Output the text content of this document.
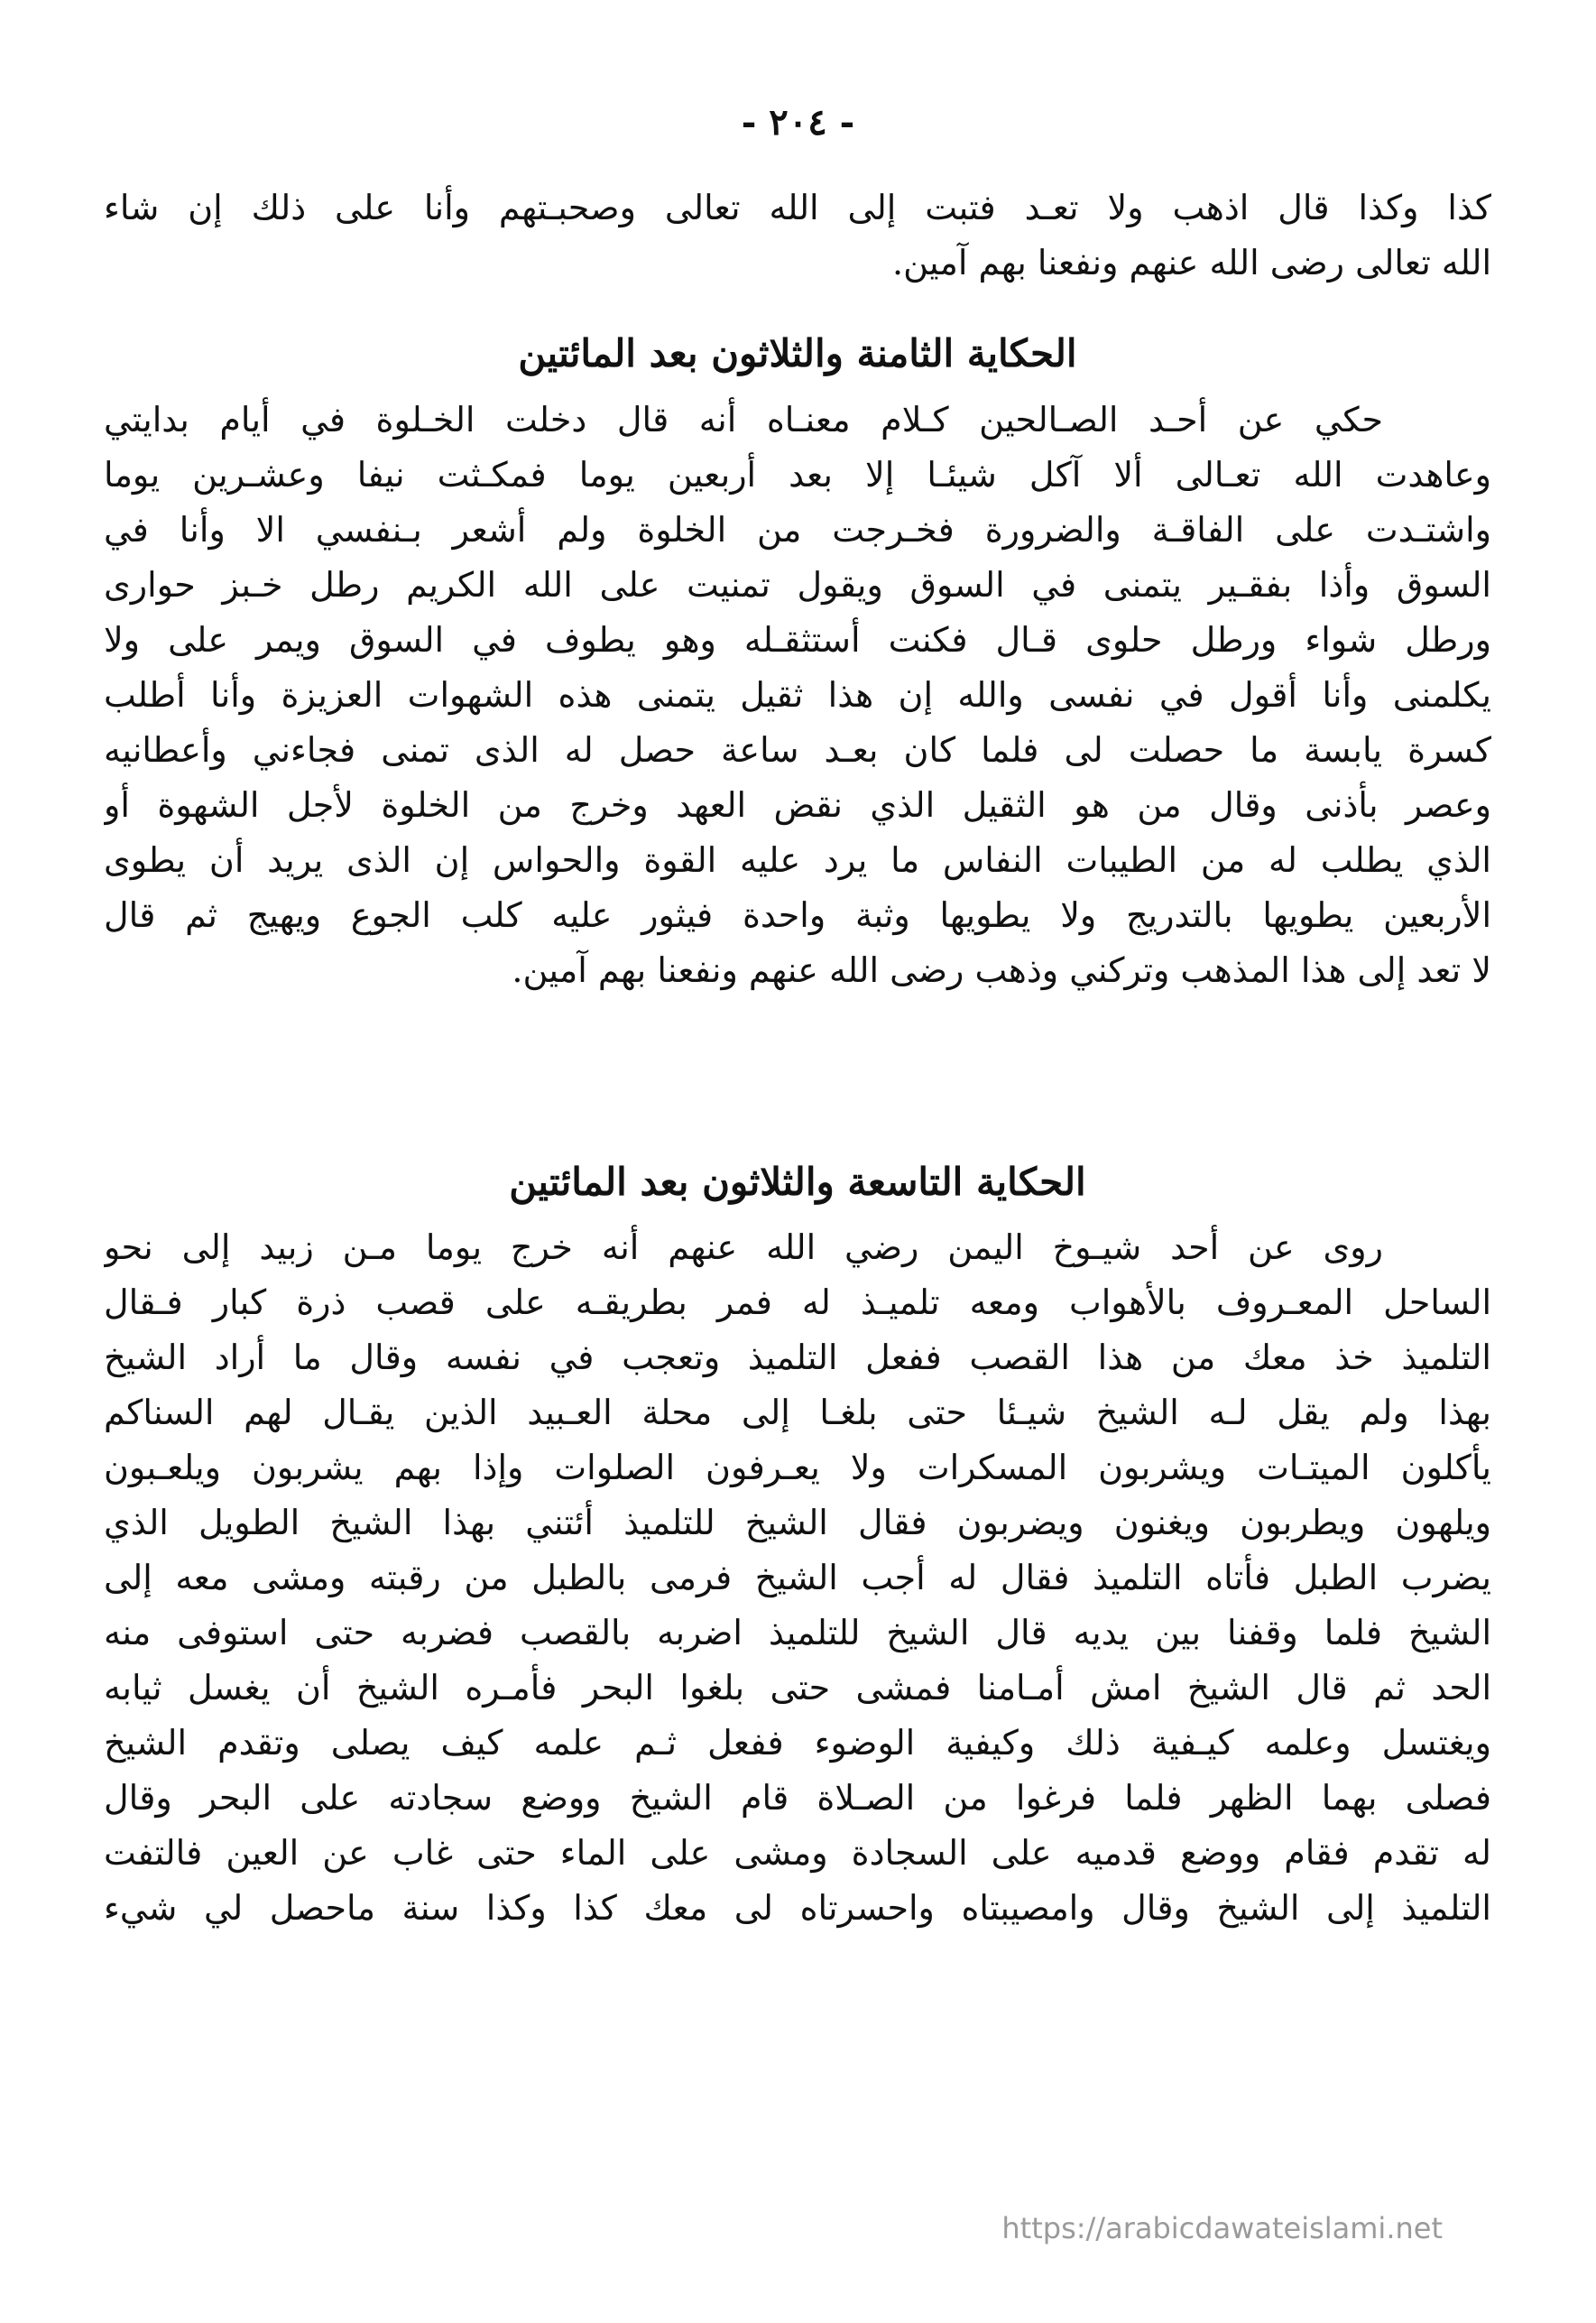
- ٢٠٤ -
كذا وكذا قال اذهب ولا تعـد فتبت إلى الله تعالى وصحبـتهم وأنا على ذلك إن شاء
الله تعالى رضى الله عنهم ونفعنا بهم آمين.
الحكاية الثامنة والثلاثون بعد المائتين
حكي عن أحـد الصـالحين كـلام معنـاه أنه قال دخلت الخـلوة في أيام بدايتي
وعاهدت الله تعـالى ألا آكل شيئـا إلا بعد أربعين يوما فمكـثت نيفا وعشـرين يوما
واشتـدت على الفاقـة والضرورة فخـرجت من الخلوة ولم أشعر بـنفسي الا وأنا في
السوق وأذا بفقـير يتمنى في السوق ويقول تمنيت على الله الكريم رطل خـبز حوارى
ورطل شواء ورطل حلوى قـال فكنت أستثقـله وهو يطوف في السوق ويمر على ولا
يكلمنى وأنا أقول في نفسى والله إن هذا ثقيل يتمنى هذه الشهوات العزيزة وأنا أطلب
كسرة يابسة ما حصلت لى فلما كان بعـد ساعة حصل له الذى تمنى فجاءني وأعطانيه
وعصر بأذنى وقال من هو الثقيل الذي نقض العهد وخرج من الخلوة لأجل الشهوة أو
الذي يطلب له من الطيبات النفاس ما يرد عليه القوة والحواس إن الذى يريد أن يطوى
الأربعين يطويها بالتدريج ولا يطويها وثبة واحدة فيثور عليه كلب الجوع ويهيج ثم قال
لا تعد إلى هذا المذهب وتركني وذهب رضى الله عنهم ونفعنا بهم آمين.
الحكاية التاسعة والثلاثون بعد المائتين
روى عن أحد شيـوخ اليمن رضي الله عنهم أنه خرج يوما مـن زبيد إلى نحو
الساحل المعـروف بالأهواب ومعه تلميـذ له فمر بطريقـه على قصب ذرة كبار فـقال
التلميذ خذ معك من هذا القصب ففعل التلميذ وتعجب في نفسه وقال ما أراد الشيخ
بهذا ولم يقل لـه الشيخ شيـئا حتى بلغـا إلى محلة العـبيد الذين يقـال لهم السناكم
يأكلون الميتـات ويشربون المسكرات ولا يعـرفون الصلوات وإذا بهم يشربون ويلعـبون
ويلهون ويطربون ويغنون ويضربون فقال الشيخ للتلميذ أئتني بهذا الشيخ الطويل الذي
يضرب الطبل فأتاه التلميذ فقال له أجب الشيخ فرمى بالطبل من رقبته ومشى معه إلى
الشيخ فلما وقفنا بين يديه قال الشيخ للتلميذ اضربه بالقصب فضربه حتى استوفى منه
الحد ثم قال الشيخ امش أمـامنا فمشى حتى بلغوا البحر فأمـره الشيخ أن يغسل ثيابه
ويغتسل وعلمه كيـفية ذلك وكيفية الوضوء ففعل ثـم علمه كيف يصلى وتقدم الشيخ
فصلى بهما الظهر فلما فرغوا من الصـلاة قام الشيخ ووضع سجادته على البحر وقال
له تقدم فقام ووضع قدميه على السجادة ومشى على الماء حتى غاب عن العين فالتفت
التلميذ إلى الشيخ وقال وامصيبتاه واحسرتاه لى معك كذا وكذا سنة ماحصل لي شيء
https://arabicdawateislami.net
